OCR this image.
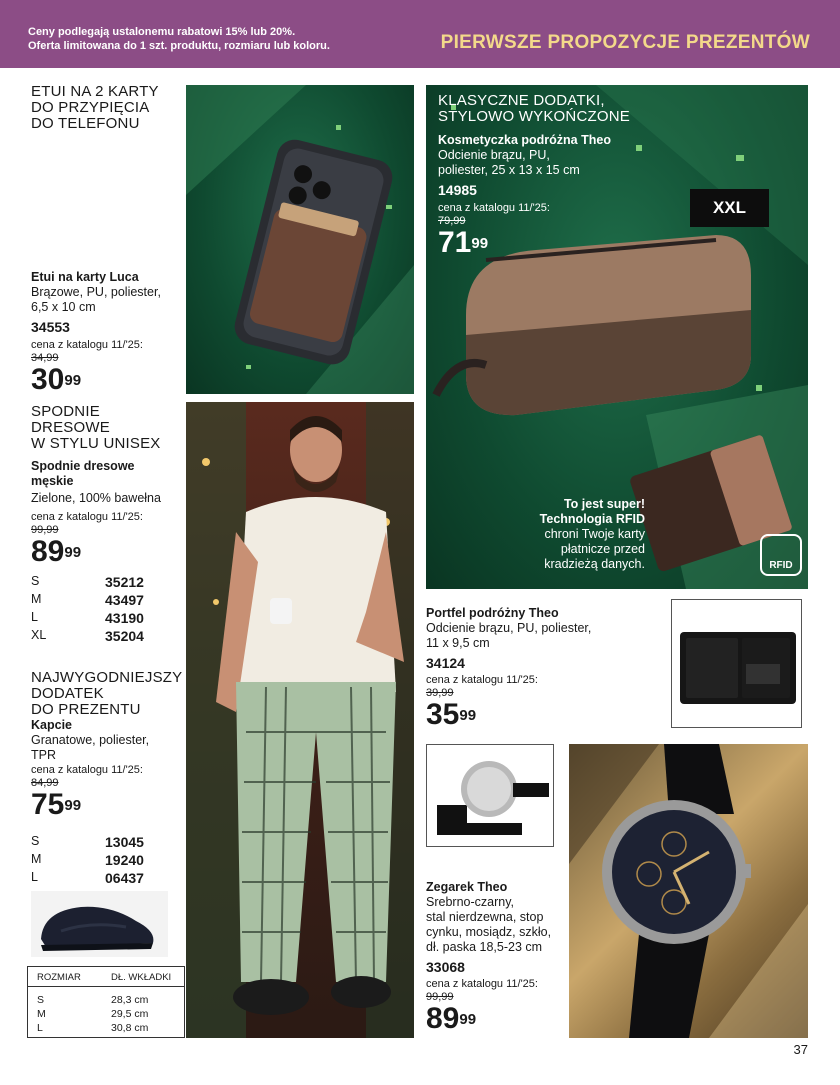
Ceny podlegają ustalonemu rabatowi 15% lub 20%.
Oferta limitowana do 1 szt. produktu, rozmiaru lub koloru.	PIERWSZE PROPOZYCJE PREZENTÓW
ETUI NA 2 KARTY
DO PRZYPIĘCIA
DO TELEFONU
Etui na karty Luca
Brązowe, PU, poliester,
6,5 x 10 cm
34553
cena z katalogu 11/'25:
34,99
$30^{99}$
KLASYCZNE DODATKI,
STYLOWO WYKOŃCZONE
Kosmetyczka podróżna Theo
Odcienie brązu, PU,
poliester, 25 x 13 x 15 cm
14985
cena z katalogu 11/'25:
79,99
$71^{99}$
XXL
To jest super!
Technologia RFID
chroni Twoje karty
płatnicze przed
kradzieżą danych.	RFID
SPODNIE
DRESOWE
W STYLU UNISEX
Spodnie dresowe
męskie
Zielone, 100% bawełna
cena z katalogu 11/'25:
99,99
$89^{99}$
S	35212
M	43497
L	43190
XL	35204
NAJWYGODNIEJSZY
DODATEK
DO PREZENTU
Kapcie
Granatowe, poliester,
TPR
cena z katalogu 11/'25:
84,99
$75^{99}$
S	13045
M	19240
L	06437
ROZMIAR	DŁ. WKŁADKI
S	28,3 cm
M	29,5 cm
L	30,8 cm
Portfel podróżny Theo
Odcienie brązu, PU, poliester,
11 x 9,5 cm
34124
cena z katalogu 11/'25:
39,99
$35^{99}$
Zegarek Theo
Srebrno-czarny,
stal nierdzewna, stop
cynku, mosiądz, szkło,
dł. paska 18,5-23 cm
33068
cena z katalogu 11/'25:
99,99
$89^{99}$
37
